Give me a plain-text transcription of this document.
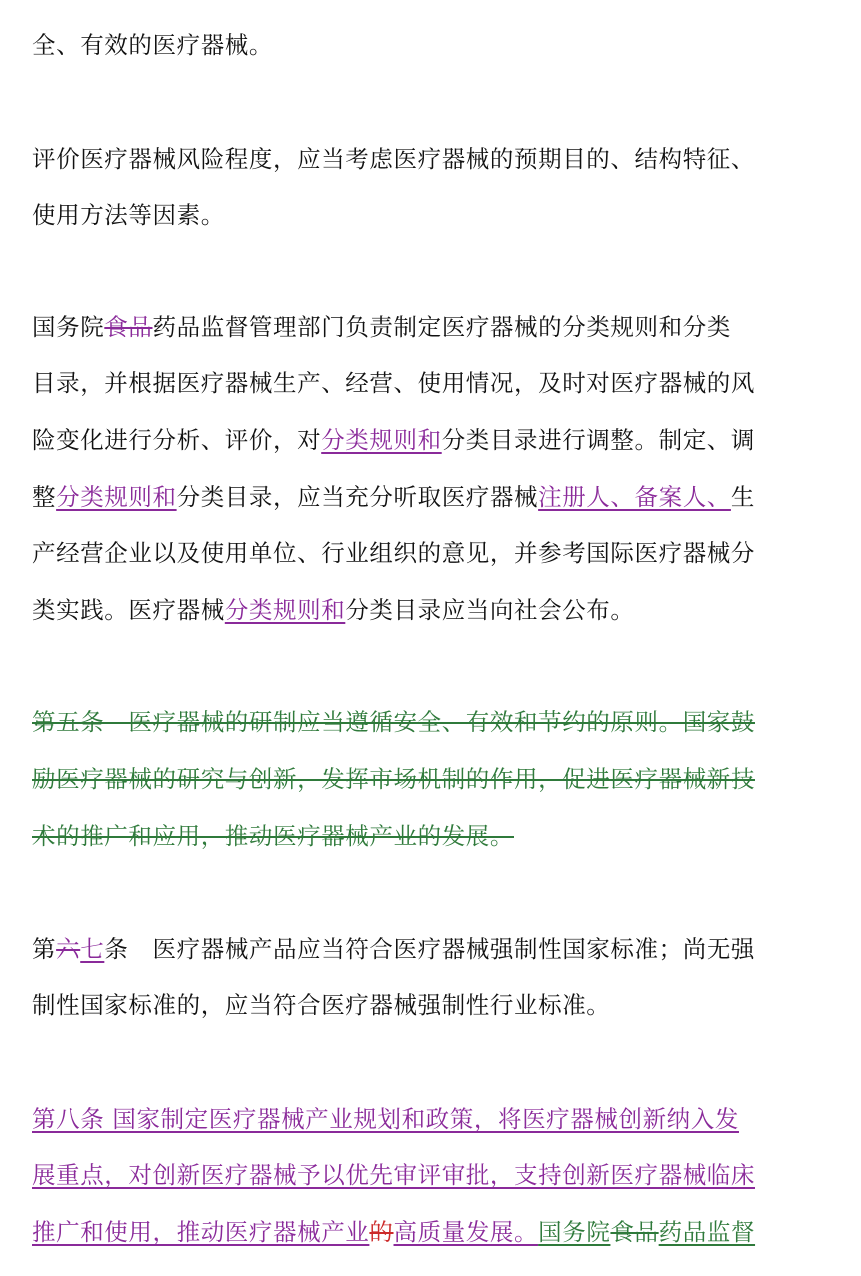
全、有效的医疗器械。
评价医疗器械风险程度，应当考虑医疗器械的预期目的、结构特征、
使用方法等因素。
国务院食品药品监督管理部门负责制定医疗器械的分类规则和分类
目录，并根据医疗器械生产、经营、使用情况，及时对医疗器械的风
险变化进行分析、评价，对分类规则和分类目录进行调整。制定、调
整分类规则和分类目录，应当充分听取医疗器械注册人、备案人、生
产经营企业以及使用单位、行业组织的意见，并参考国际医疗器械分
类实践。医疗器械分类规则和分类目录应当向社会公布。
第五条　医疗器械的研制应当遵循安全、有效和节约的原则。国家鼓
励医疗器械的研究与创新，发挥市场机制的作用，促进医疗器械新技
术的推广和应用，推动医疗器械产业的发展。
第六七条　医疗器械产品应当符合医疗器械强制性国家标准；尚无强
制性国家标准的，应当符合医疗器械强制性行业标准。
第八条 国家制定医疗器械产业规划和政策，将医疗器械创新纳入发
展重点，对创新医疗器械予以优先审评审批，支持创新医疗器械临床
推广和使用，推动医疗器械产业的高质量发展。国务院食品药品监督
